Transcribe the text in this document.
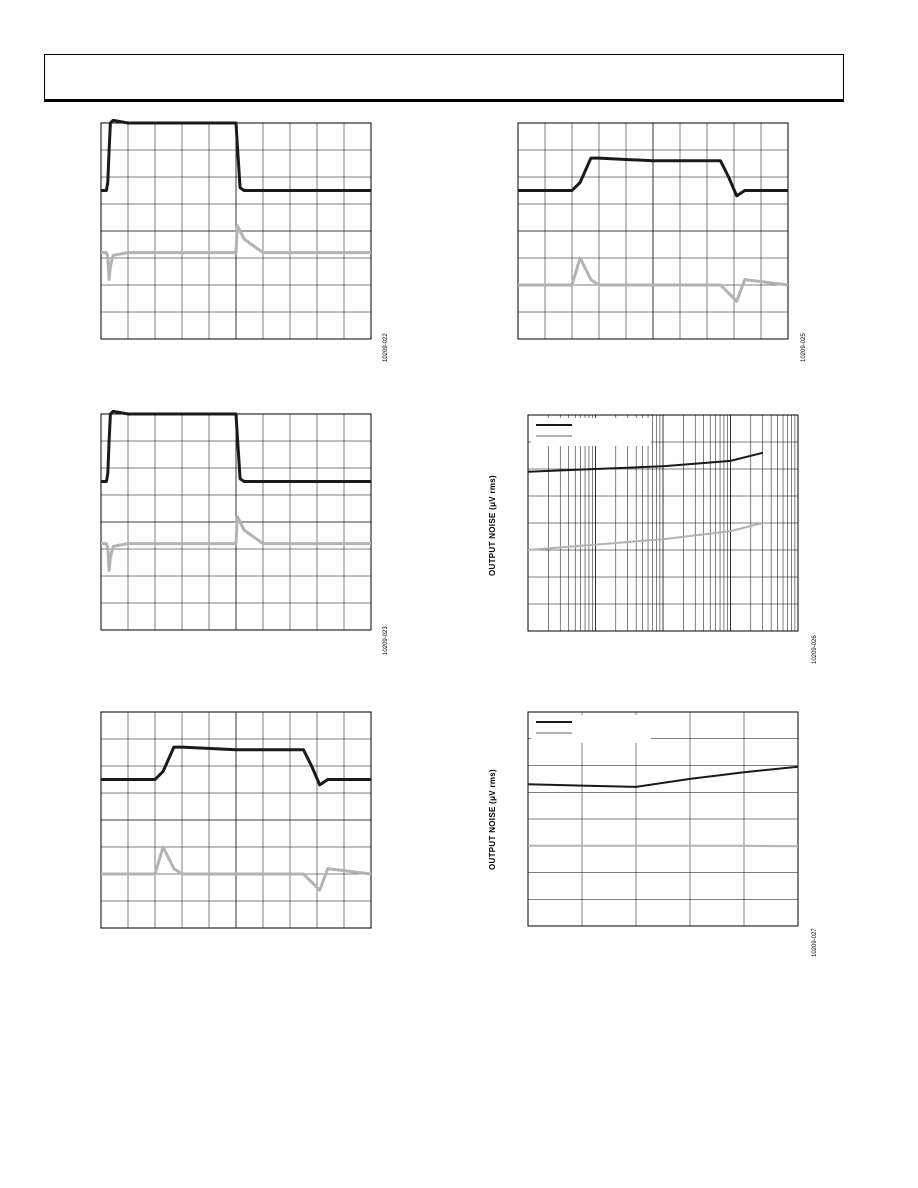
10209-022	10209-025
10209-023
OUTPUT NOISE (μV rms)
10209-026
OUTPUT NOISE (μV rms)
10209-027
